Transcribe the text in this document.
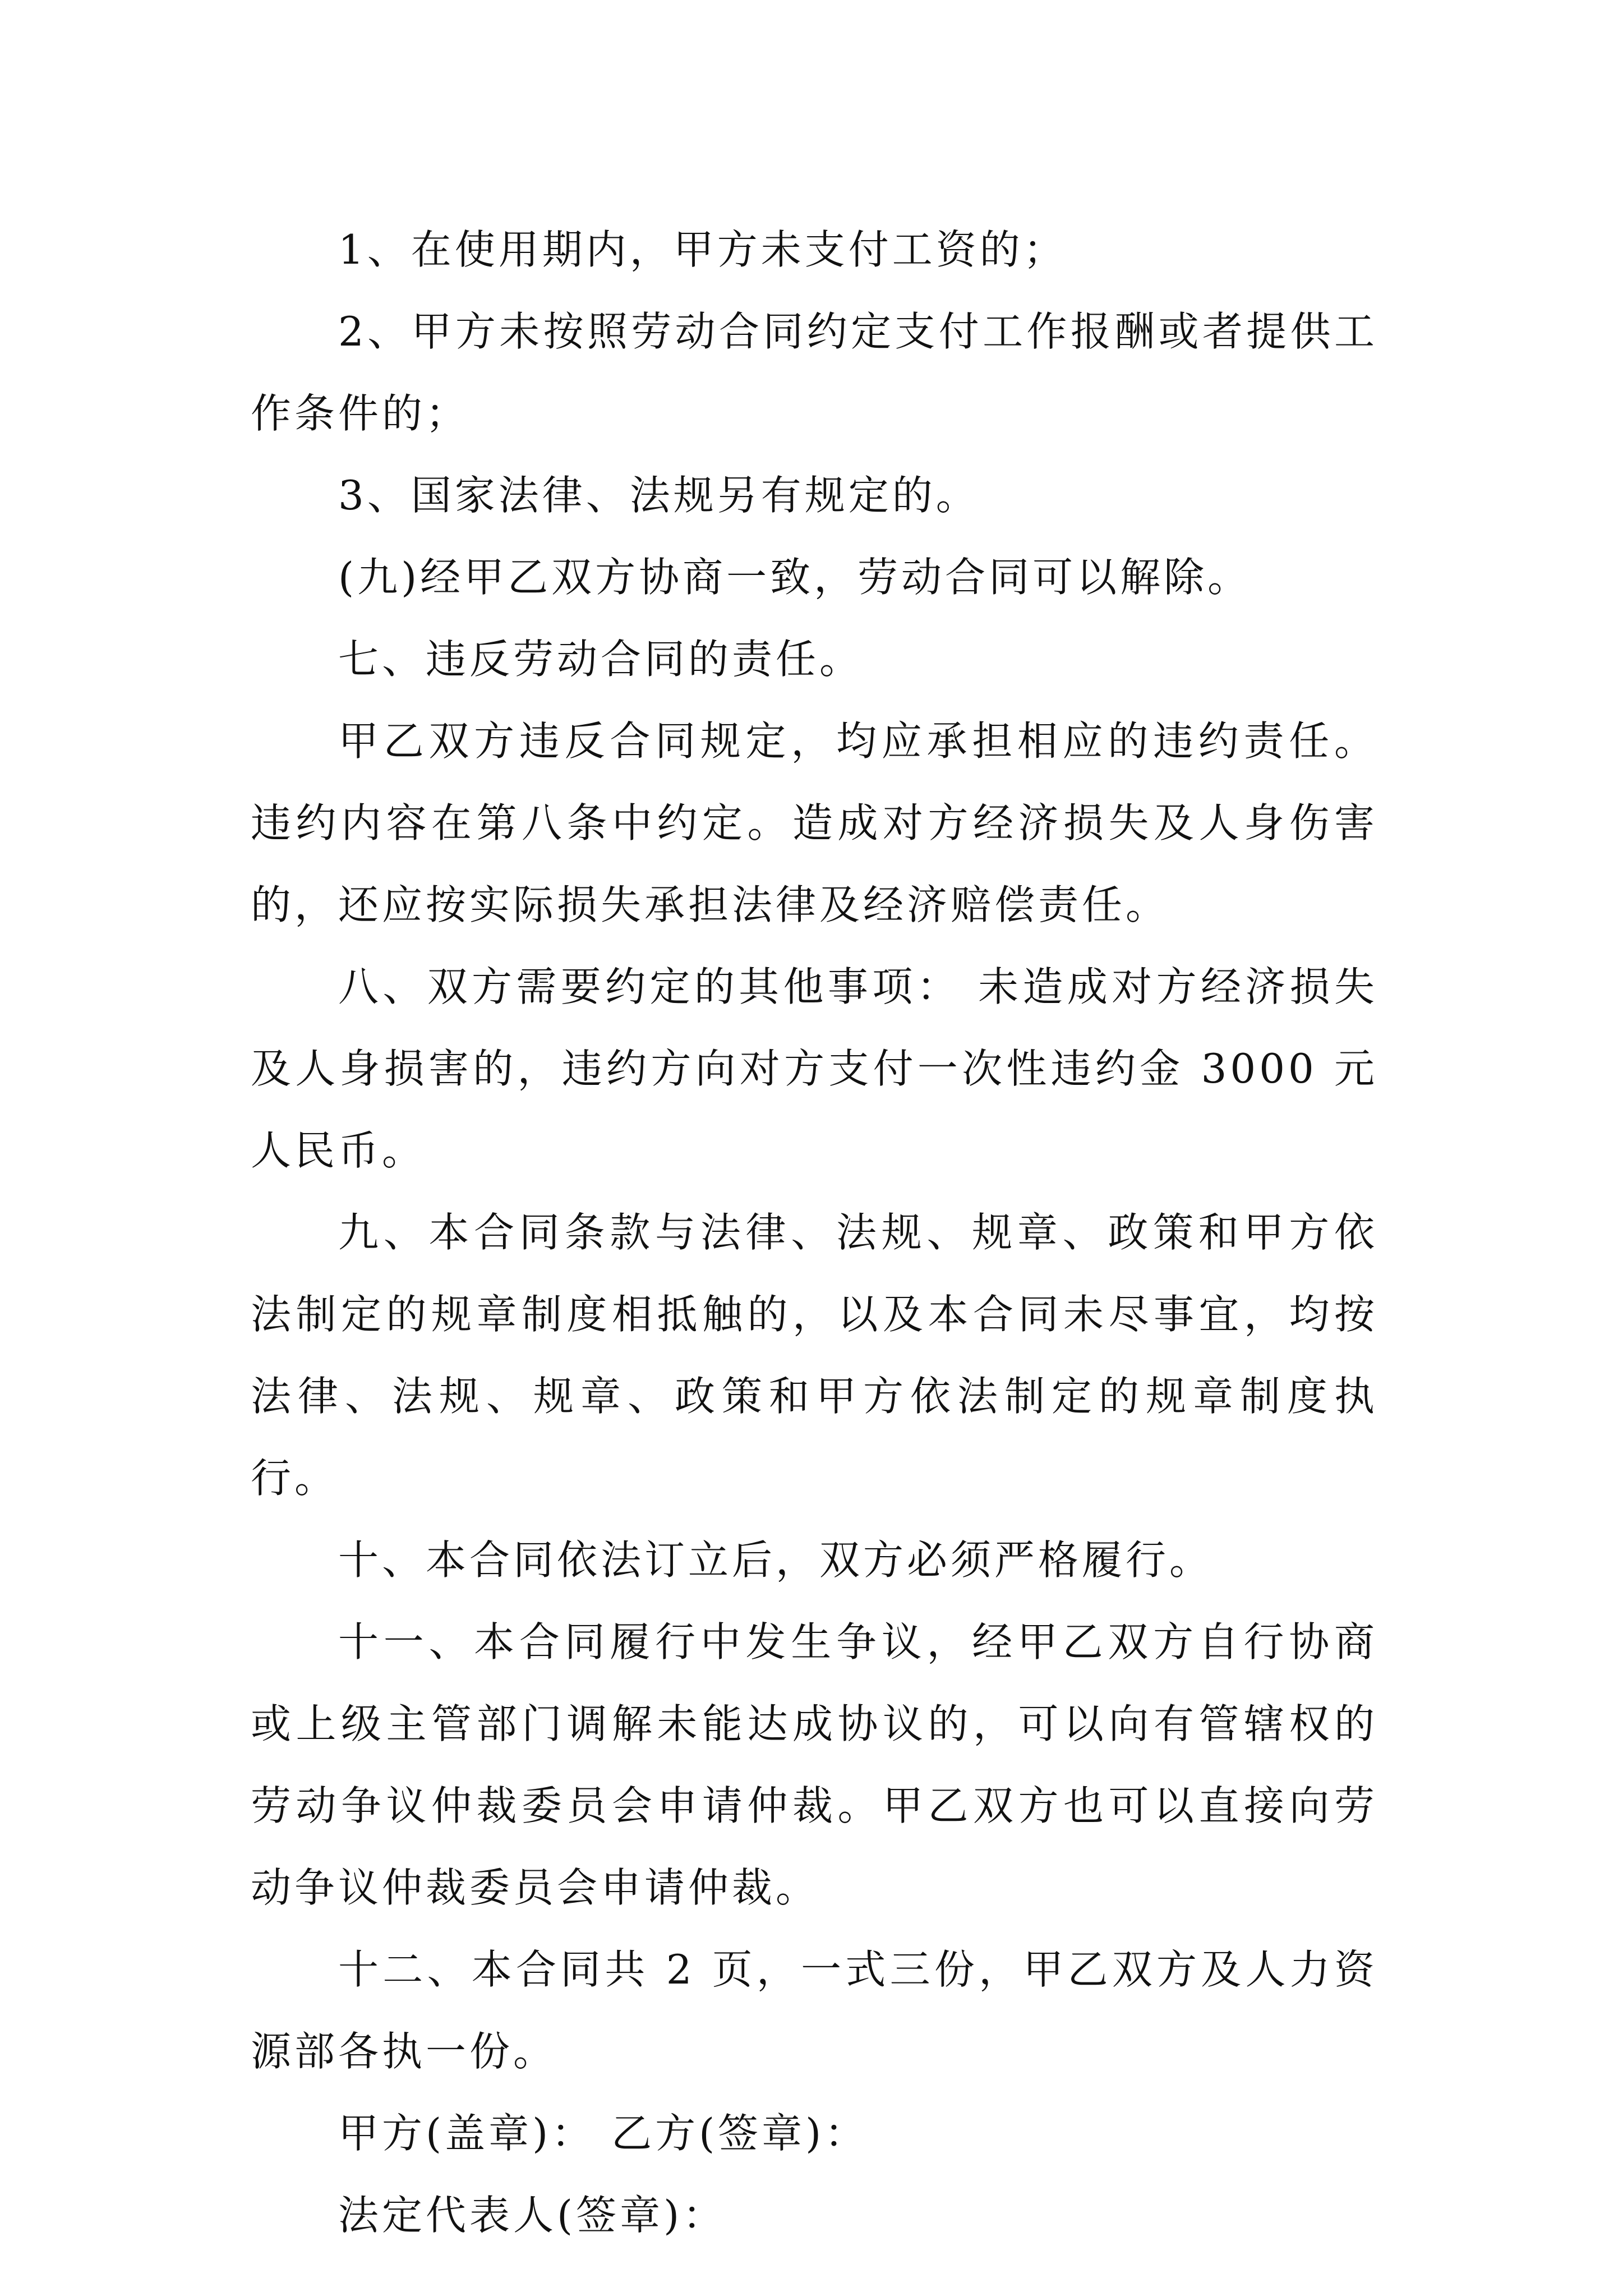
1、在使用期内，甲方未支付工资的；

2、甲方未按照劳动合同约定支付工作报酬或者提供工作条件的；

3、国家法律、法规另有规定的。

(九)经甲乙双方协商一致，劳动合同可以解除。

七、违反劳动合同的责任。

甲乙双方违反合同规定，均应承担相应的违约责任。违约内容在第八条中约定。造成对方经济损失及人身伤害的，还应按实际损失承担法律及经济赔偿责任。

八、双方需要约定的其他事项： 未造成对方经济损失及人身损害的，违约方向对方支付一次性违约金 3000 元人民币。

九、本合同条款与法律、法规、规章、政策和甲方依法制定的规章制度相抵触的，以及本合同未尽事宜，均按法律、法规、规章、政策和甲方依法制定的规章制度执行。

十、本合同依法订立后，双方必须严格履行。

十一、本合同履行中发生争议，经甲乙双方自行协商或上级主管部门调解未能达成协议的，可以向有管辖权的劳动争议仲裁委员会申请仲裁。甲乙双方也可以直接向劳动争议仲裁委员会申请仲裁。

十二、本合同共 2 页，一式三份，甲乙双方及人力资源部各执一份。

甲方(盖章)： 乙方(签章)：

法定代表人(签章)：
